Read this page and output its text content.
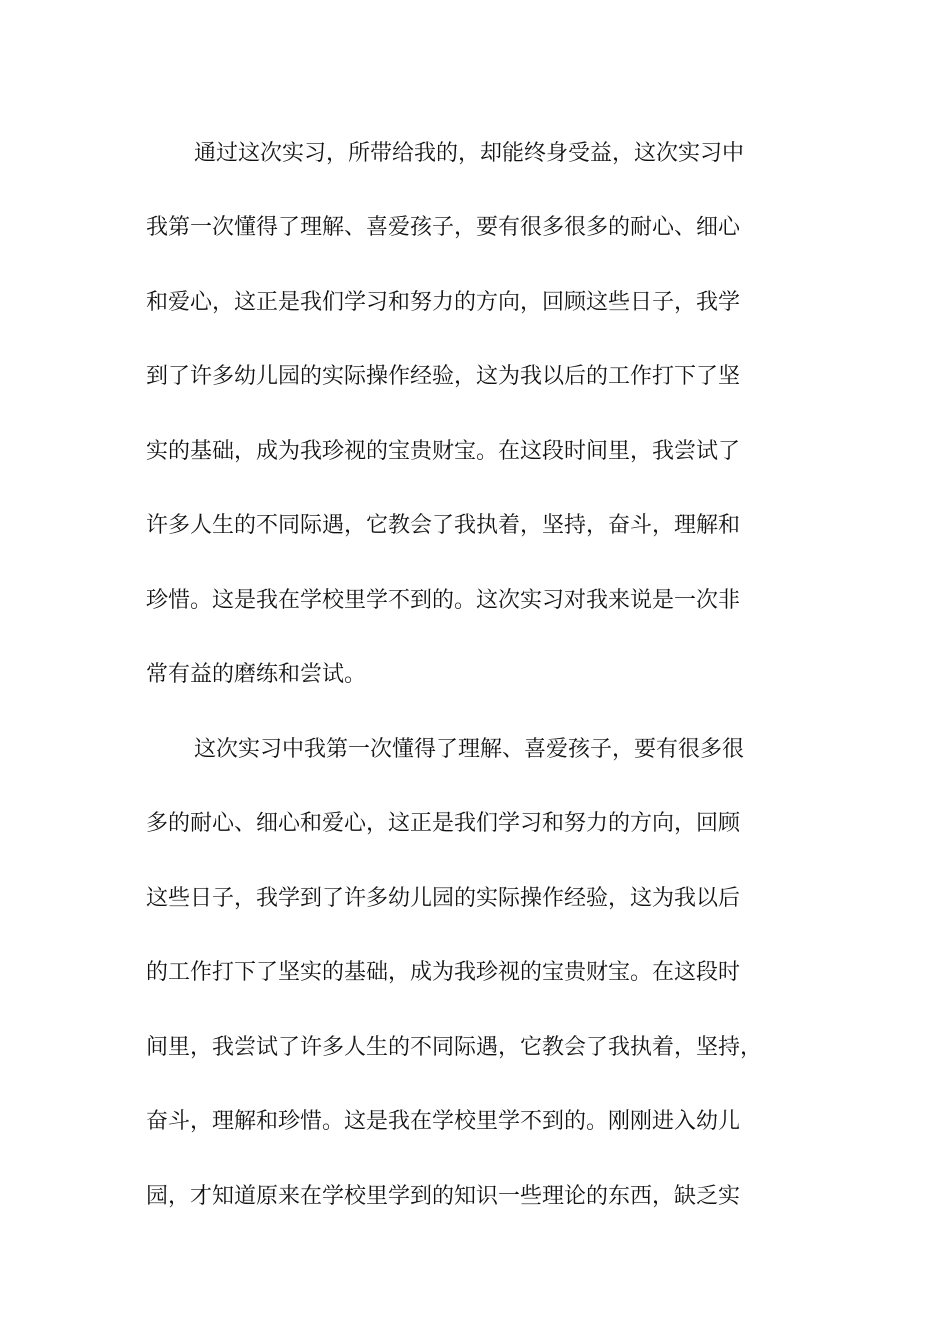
通过这次实习，所带给我的，却能终身受益，这次实习中
我第一次懂得了理解、喜爱孩子，要有很多很多的耐心、细心
和爱心，这正是我们学习和努力的方向，回顾这些日子，我学
到了许多幼儿园的实际操作经验，这为我以后的工作打下了坚
实的基础，成为我珍视的宝贵财宝。在这段时间里，我尝试了
许多人生的不同际遇，它教会了我执着，坚持，奋斗，理解和
珍惜。这是我在学校里学不到的。这次实习对我来说是一次非
常有益的磨练和尝试。
这次实习中我第一次懂得了理解、喜爱孩子，要有很多很
多的耐心、细心和爱心，这正是我们学习和努力的方向，回顾
这些日子，我学到了许多幼儿园的实际操作经验，这为我以后
的工作打下了坚实的基础，成为我珍视的宝贵财宝。在这段时
间里，我尝试了许多人生的不同际遇，它教会了我执着，坚持，
奋斗，理解和珍惜。这是我在学校里学不到的。刚刚进入幼儿
园，才知道原来在学校里学到的知识一些理论的东西，缺乏实
